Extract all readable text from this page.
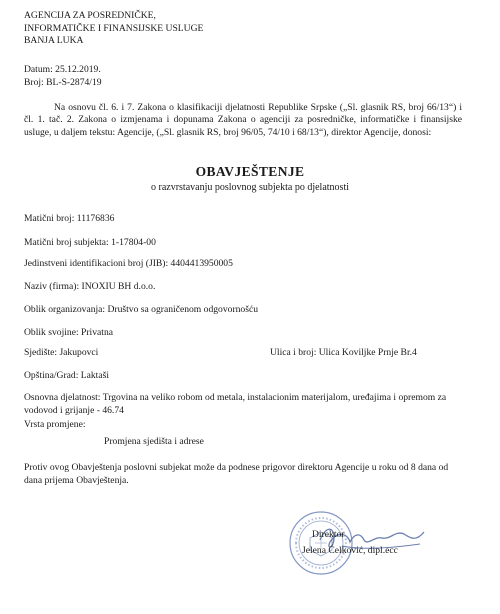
AGENCIJA ZA POSREDNIČKE,
INFORMATIČKE I FINANSIJSKE USLUGE
BANJA LUKA
Datum: 25.12.2019.
Broj: BL-S-2874/19
Na osnovu čl. 6. i 7. Zakona o klasifikaciji djelatnosti Republike Srpske („Sl. glasnik RS, broj 66/13“) i čl. 1. tač. 2. Zakona o izmjenama i dopunama Zakona o agenciji za posredničke, informatičke i finansijske usluge, u daljem tekstu: Agencije, („Sl. glasnik RS, broj 96/05, 74/10 i 68/13“), direktor Agencije, donosi:
OBAVJEŠTENJE
o razvrstavanju poslovnog subjekta po djelatnosti
Matični broj: 11176836
Matični broj subjekta: 1-17804-00
Jedinstveni identifikacioni broj (JIB): 4404413950005
Naziv (firma): INOXIU BH d.o.o.
Oblik organizovanja: Društvo sa ograničenom odgovornošću
Oblik svojine: Privatna
Sjedište: Jakupovci	Ulica i broj: Ulica Kovilјke Prnje Br.4
Opština/Grad: Laktaši
Osnovna djelatnost: Trgovina na veliko robom od metala, instalacionim materijalom, uređajima i opremom za vodovod i grijanje - 46.74
Vrsta promjene:
Promjena sjedišta i adrese
Protiv ovog Obavještenja poslovni subjekat može da podnese prigovor direktoru Agencije u roku od 8 dana od dana prijema Obavještenja.
Direktor
Jelena Ćelković, dipl.ecc
